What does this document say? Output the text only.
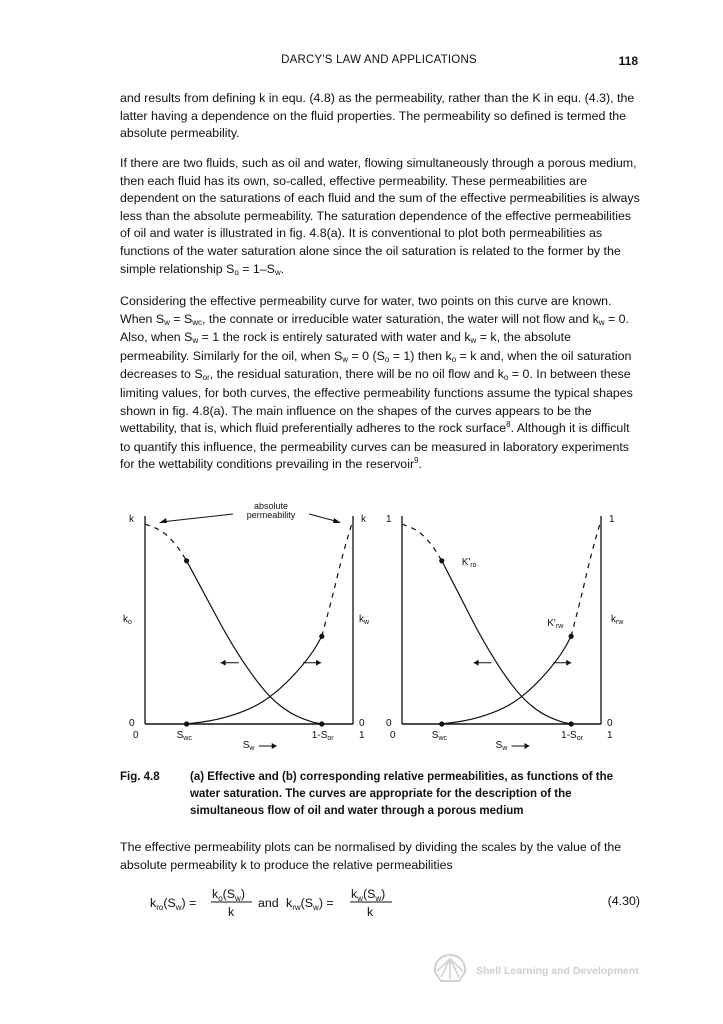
DARCY'S LAW AND APPLICATIONS	118

and results from defining k in equ. (4.8) as the permeability, rather than the K in equ. (4.3), the latter having a dependence on the fluid properties. The permeability so defined is termed the absolute permeability.

If there are two fluids, such as oil and water, flowing simultaneously through a porous medium, then each fluid has its own, so-called, effective permeability. These permeabilities are dependent on the saturations of each fluid and the sum of the effective permeabilities is always less than the absolute permeability. The saturation dependence of the effective permeabilities of oil and water is illustrated in fig. 4.8(a). It is conventional to plot both permeabilities as functions of the water saturation alone since the oil saturation is related to the former by the simple relationship $S_o = 1-S_w$.

Considering the effective permeability curve for water, two points on this curve are known. When $S_w = S_{wc}$, the connate or irreducible water saturation, the water will not flow and $k_w = 0$. Also, when $S_w = 1$ the rock is entirely saturated with water and $k_w = k$, the absolute permeability. Similarly for the oil, when $S_w = 0$ $(S_o = 1)$ then $k_o = k$ and, when the oil saturation decreases to $S_{or}$, the residual saturation, there will be no oil flow and $k_o = 0$. In between these limiting values, for both curves, the effective permeability functions assume the typical shapes shown in fig. 4.8(a). The main influence on the shapes of the curves appears to be the wettability, that is, which fluid preferentially adheres to the rock surface$^8$. Although it is difficult to quantify this influence, the permeability curves can be measured in laboratory experiments for the wettability conditions prevailing in the reservoir$^9$.

0	$S_{wc}$	$1-S_{or}$	1
$S_w$
0	0
k	k
$k_o$	$k_w$
absolute
permeability
0	$S_{wc}$	$1-S_{or}$ 1
$S_w$
0	0
1	1
$k_{rw}$
$K'_{ro}$
$K'_{rw}$
Fig. 4.8	(a) Effective and (b) corresponding relative permeabilities, as functions of the water saturation. The curves are appropriate for the description of the simultaneous flow of oil and water through a porous medium

The effective permeability plots can be normalised by dividing the scales by the value of the absolute permeability k to produce the relative permeabilities

$k_{ro}(S_w)$ =
$k_o(S_w)$
k
and $k_{rw}(S_w)$ =
$k_w(S_w)$
k
(4.30)
Shell Learning and Development
